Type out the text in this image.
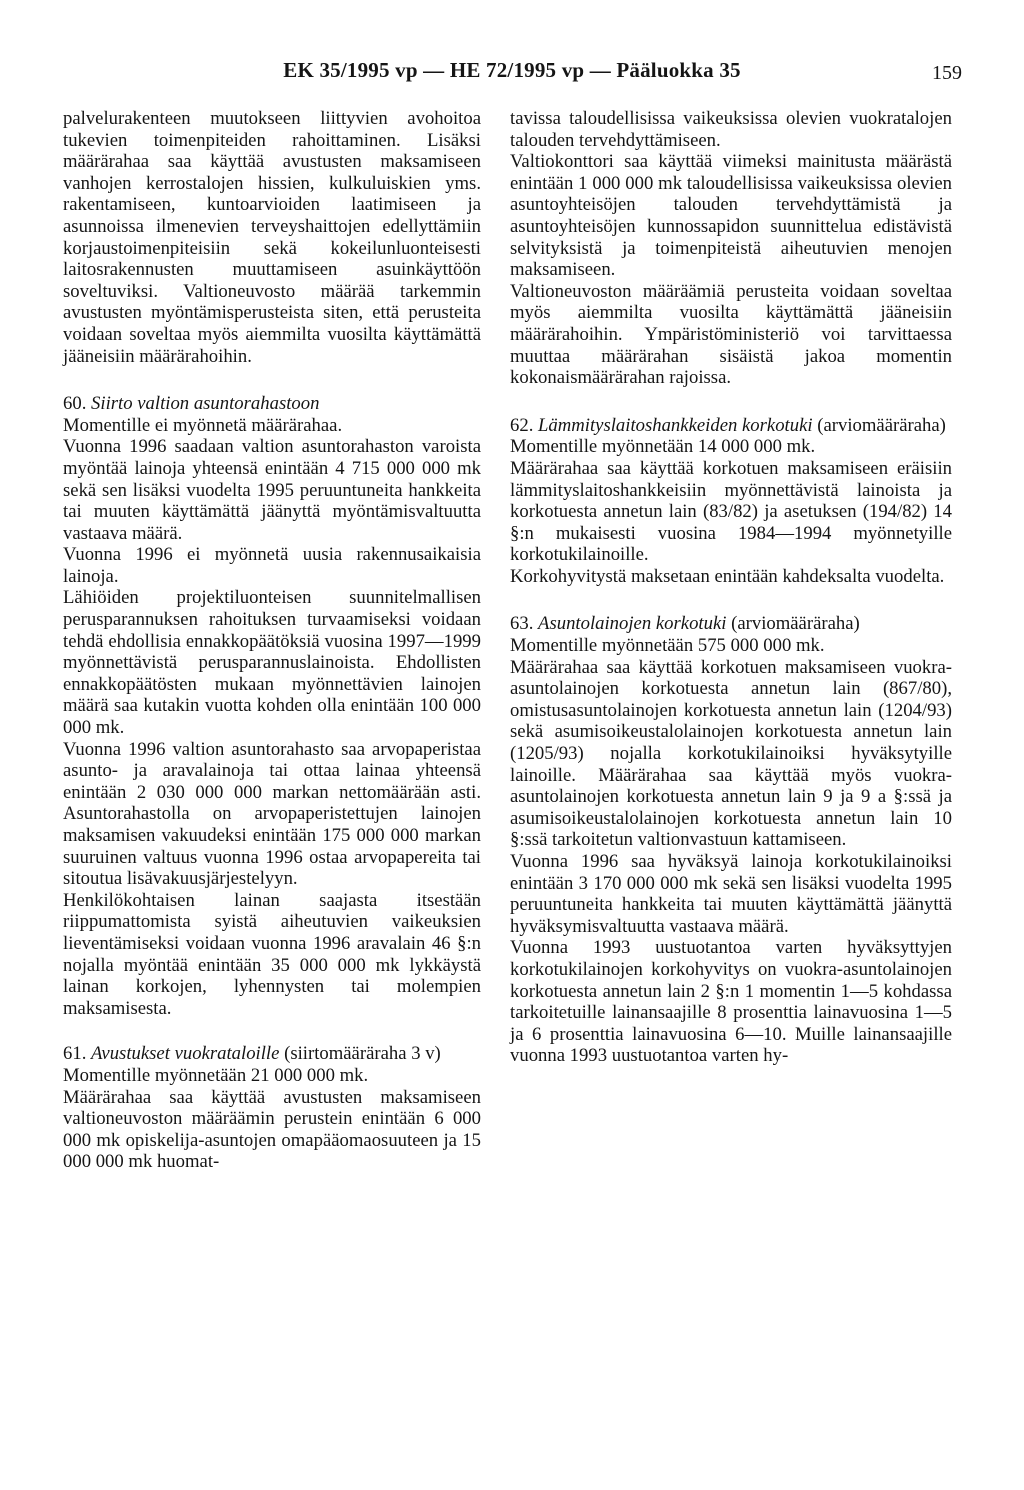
EK 35/1995 vp — HE 72/1995 vp — Pääluokka 35	159

palvelurakenteen muutokseen liittyvien avohoitoa tukevien toimenpiteiden rahoittaminen. Lisäksi määrärahaa saa käyttää avustusten maksamiseen vanhojen kerrostalojen hissien, kulkuluiskien yms. rakentamiseen, kuntoarvioiden laatimiseen ja asunnoissa ilmenevien terveyshaittojen edellyttämiin korjaustoimenpiteisiin sekä kokeilunluonteisesti laitosrakennusten muuttamiseen asuinkäyttöön soveltuviksi. Valtioneuvosto määrää tarkemmin avustusten myöntämisperusteista siten, että perusteita voidaan soveltaa myös aiemmilta vuosilta käyttämättä jääneisiin määrärahoihin.

60. Siirto valtion asuntorahastoon

Momentille ei myönnetä määrärahaa.

Vuonna 1996 saadaan valtion asuntorahaston varoista myöntää lainoja yhteensä enintään 4 715 000 000 mk sekä sen lisäksi vuodelta 1995 peruuntuneita hankkeita tai muuten käyttämättä jäänyttä myöntämisvaltuutta vastaava määrä.

Vuonna 1996 ei myönnetä uusia rakennusaikaisia lainoja.

Lähiöiden projektiluonteisen suunnitelmallisen perusparannuksen rahoituksen turvaamiseksi voidaan tehdä ehdollisia ennakkopäätöksiä vuosina 1997—1999 myönnettävistä perusparannuslainoista. Ehdollisten ennakkopäätösten mukaan myönnettävien lainojen määrä saa kutakin vuotta kohden olla enintään 100 000 000 mk.

Vuonna 1996 valtion asuntorahasto saa arvopaperistaa asunto- ja aravalainoja tai ottaa lainaa yhteensä enintään 2 030 000 000 markan nettomäärään asti. Asuntorahastolla on arvopaperistettujen lainojen maksamisen vakuudeksi enintään 175 000 000 markan suuruinen valtuus vuonna 1996 ostaa arvopapereita tai sitoutua lisävakuusjärjestelyyn.

Henkilökohtaisen lainan saajasta itsestään riippumattomista syistä aiheutuvien vaikeuksien lieventämiseksi voidaan vuonna 1996 aravalain 46 §:n nojalla myöntää enintään 35 000 000 mk lykkäystä lainan korkojen, lyhennysten tai molempien maksamisesta.

61. Avustukset vuokrataloille (siirtomääräraha 3 v)

Momentille myönnetään 21 000 000 mk.

Määrärahaa saa käyttää avustusten maksamiseen valtioneuvoston määräämin perustein enintään 6 000 000 mk opiskelija-asuntojen omapääomaosuuteen ja 15 000 000 mk huomat-

tavissa taloudellisissa vaikeuksissa olevien vuokratalojen talouden tervehdyttämiseen.

Valtiokonttori saa käyttää viimeksi mainitusta määrästä enintään 1 000 000 mk taloudellisissa vaikeuksissa olevien asuntoyhteisöjen talouden tervehdyttämistä ja asuntoyhteisöjen kunnossapidon suunnittelua edistävistä selvityksistä ja toimenpiteistä aiheutuvien menojen maksamiseen.

Valtioneuvoston määräämiä perusteita voidaan soveltaa myös aiemmilta vuosilta käyttämättä jääneisiin määrärahoihin. Ympäristöministeriö voi tarvittaessa muuttaa määrärahan sisäistä jakoa momentin kokonaismäärärahan rajoissa.

62. Lämmityslaitoshankkeiden korkotuki (arviomääräraha)

Momentille myönnetään 14 000 000 mk.

Määrärahaa saa käyttää korkotuen maksamiseen eräisiin lämmityslaitoshankkeisiin myönnettävistä lainoista ja korkotuesta annetun lain (83/82) ja asetuksen (194/82) 14 §:n mukaisesti vuosina 1984—1994 myönnetyille korkotukilainoille.

Korkohyvitystä maksetaan enintään kahdeksalta vuodelta.

63. Asuntolainojen korkotuki (arviomääräraha)

Momentille myönnetään 575 000 000 mk.

Määrärahaa saa käyttää korkotuen maksamiseen vuokra-asuntolainojen korkotuesta annetun lain (867/80), omistusasuntolainojen korkotuesta annetun lain (1204/93) sekä asumisoikeustalolainojen korkotuesta annetun lain (1205/93) nojalla korkotukilainoiksi hyväksytyille lainoille. Määrärahaa saa käyttää myös vuokra-asuntolainojen korkotuesta annetun lain 9 ja 9 a §:ssä ja asumisoikeustalolainojen korkotuesta annetun lain 10 §:ssä tarkoitetun valtionvastuun kattamiseen.

Vuonna 1996 saa hyväksyä lainoja korkotukilainoiksi enintään 3 170 000 000 mk sekä sen lisäksi vuodelta 1995 peruuntuneita hankkeita tai muuten käyttämättä jäänyttä hyväksymisvaltuutta vastaava määrä.

Vuonna 1993 uustuotantoa varten hyväksyttyjen korkotukilainojen korkohyvitys on vuokra-asuntolainojen korkotuesta annetun lain 2 §:n 1 momentin 1—5 kohdassa tarkoitetuille lainansaajille 8 prosenttia lainavuosina 1—5 ja 6 prosenttia lainavuosina 6—10. Muille lainansaajille vuonna 1993 uustuotantoa varten hy-
